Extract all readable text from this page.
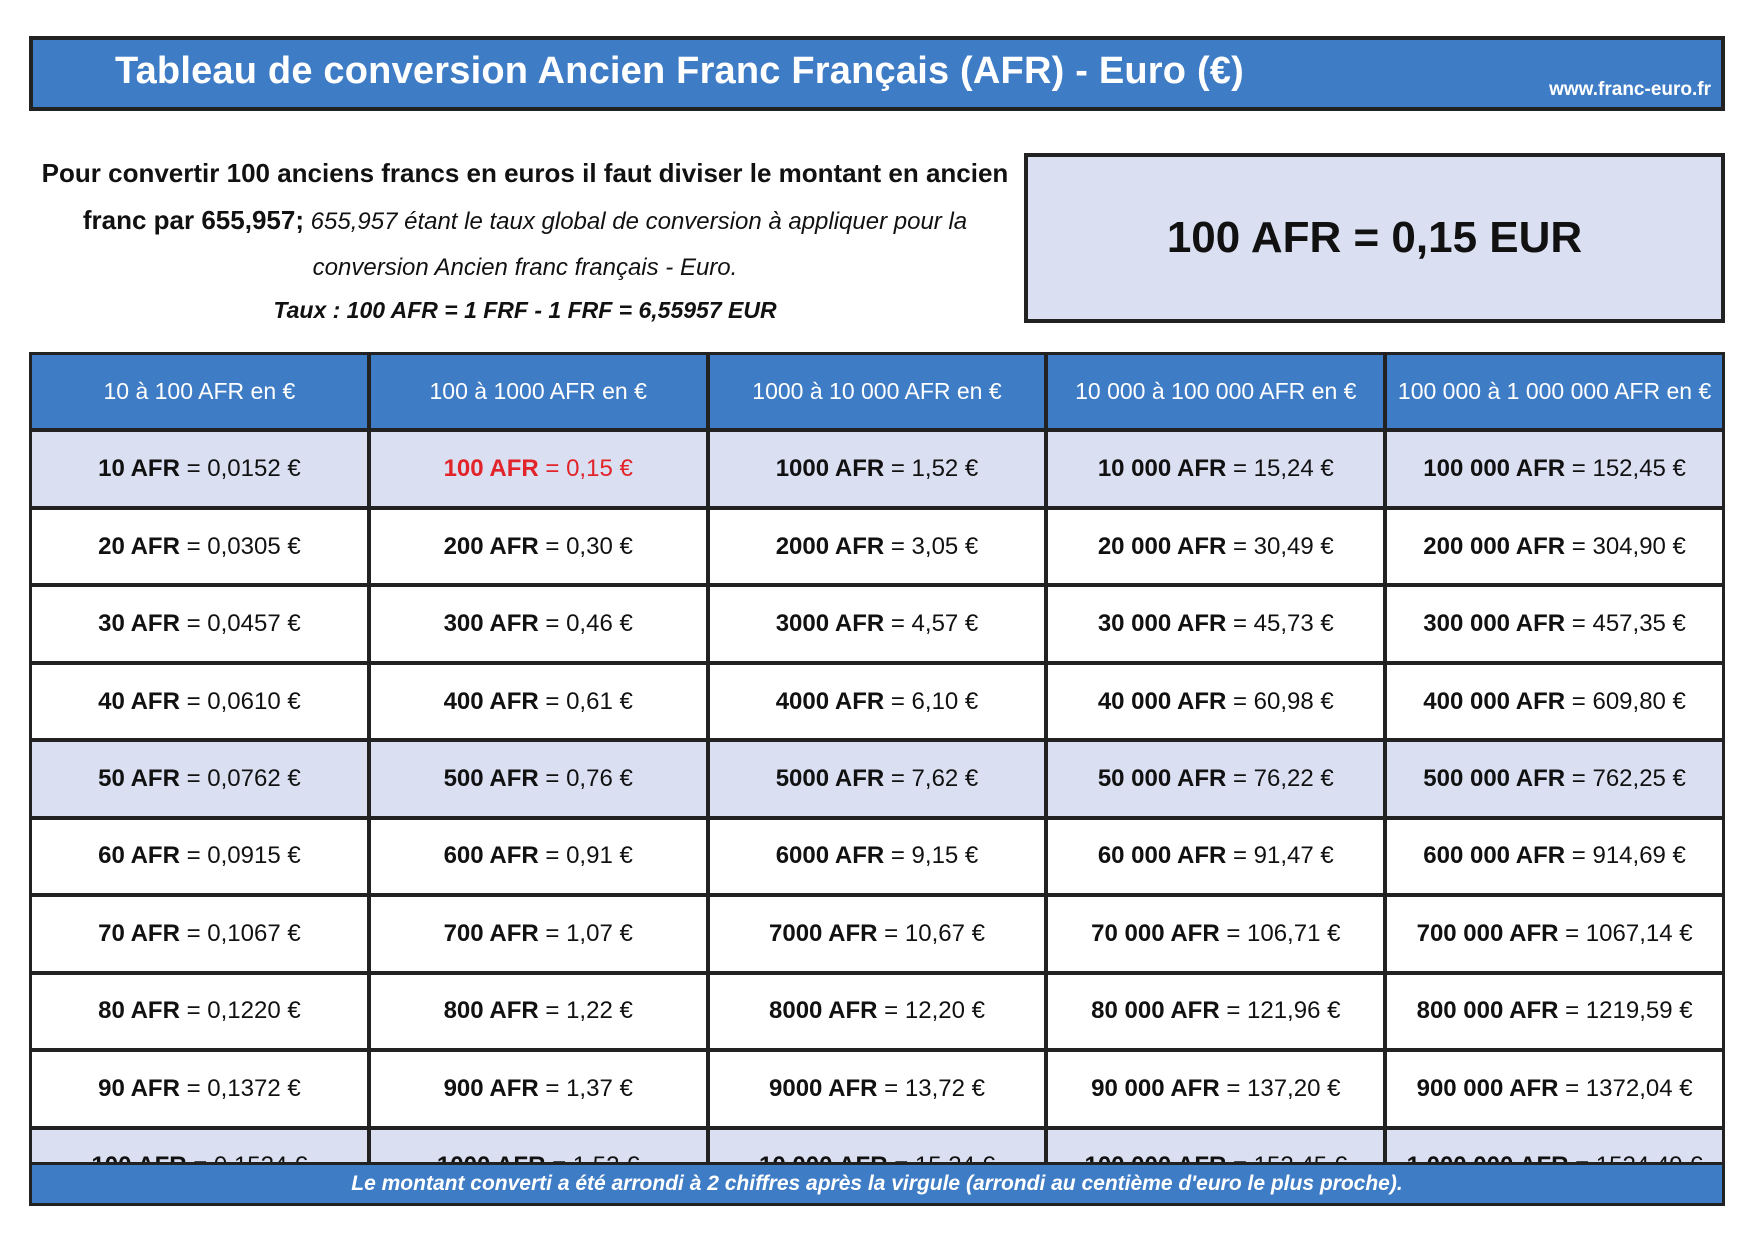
Tableau de conversion Ancien Franc Français (AFR) - Euro (€)	www.franc-euro.fr
Pour convertir 100 anciens francs en euros il faut diviser le montant en ancien franc par 655,957; 655,957 étant le taux global de conversion à appliquer pour la conversion Ancien franc français - Euro.
Taux : 100 AFR = 1 FRF - 1 FRF = 6,55957 EUR
100 AFR = 0,15 EUR
10 à 100 AFR en €	100 à 1000 AFR en €	1000 à 10 000 AFR en €	10 000 à 100 000 AFR en €	100 000 à 1 000 000 AFR en €
10 AFR = 0,0152 €	100 AFR = 0,15 €	1000 AFR = 1,52 €	10 000 AFR = 15,24 €	100 000 AFR = 152,45 €
20 AFR = 0,0305 €	200 AFR = 0,30 €	2000 AFR = 3,05 €	20 000 AFR = 30,49 €	200 000 AFR = 304,90 €
30 AFR = 0,0457 €	300 AFR = 0,46 €	3000 AFR = 4,57 €	30 000 AFR = 45,73 €	300 000 AFR = 457,35 €
40 AFR = 0,0610 €	400 AFR = 0,61 €	4000 AFR = 6,10 €	40 000 AFR = 60,98 €	400 000 AFR = 609,80 €
50 AFR = 0,0762 €	500 AFR = 0,76 €	5000 AFR = 7,62 €	50 000 AFR = 76,22 €	500 000 AFR = 762,25 €
60 AFR = 0,0915 €	600 AFR = 0,91 €	6000 AFR = 9,15 €	60 000 AFR = 91,47 €	600 000 AFR = 914,69 €
70 AFR = 0,1067 €	700 AFR = 1,07 €	7000 AFR = 10,67 €	70 000 AFR = 106,71 €	700 000 AFR = 1067,14 €
80 AFR = 0,1220 €	800 AFR = 1,22 €	8000 AFR = 12,20 €	80 000 AFR = 121,96 €	800 000 AFR = 1219,59 €
90 AFR = 0,1372 €	900 AFR = 1,37 €	9000 AFR = 13,72 €	90 000 AFR = 137,20 €	900 000 AFR = 1372,04 €
Le montant converti a été arrondi à 2 chiffres après la virgule (arrondi au centième d'euro le plus proche).
